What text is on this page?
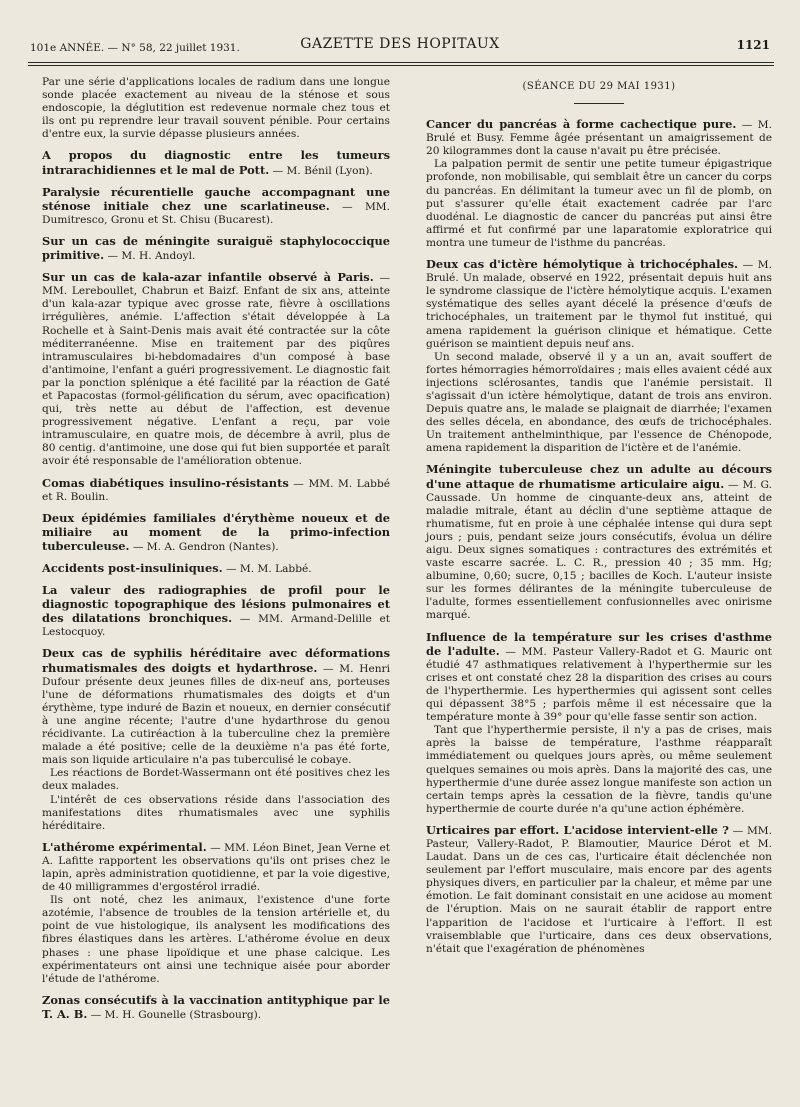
101e ANNÉE. — N° 58, 22 juillet 1931.	GAZETTE DES HOPITAUX	1121

Par une série d'applications locales de radium dans une longue sonde placée exactement au niveau de la sténose et sous endoscopie, la déglutition est redevenue normale chez tous et ils ont pu reprendre leur travail souvent pénible. Pour certains d'entre eux, la survie dépasse plusieurs années.

A propos du diagnostic entre les tumeurs intrarachidiennes et le mal de Pott. — M. Bénil (Lyon).

Paralysie récurentielle gauche accompagnant une sténose initiale chez une scarlatineuse. — MM. Dumitresco, Gronu et St. Chisu (Bucarest).

Sur un cas de méningite suraiguë staphylococcique primitive. — M. H. Andoyl.

Sur un cas de kala-azar infantile observé à Paris. — MM. Lereboullet, Chabrun et Baizf. Enfant de six ans, atteinte d'un kala-azar typique avec grosse rate, fièvre à oscillations irrégulières, anémie. L'affection s'était développée à La Rochelle et à Saint-Denis mais avait été contractée sur la côte méditerranéenne. Mise en traitement par des piqûres intramusculaires bi-hebdomadaires d'un composé à base d'antimoine, l'enfant a guéri progressivement. Le diagnostic fait par la ponction splénique a été facilité par la réaction de Gaté et Papacostas (formol-gélification du sérum, avec opacification) qui, très nette au début de l'affection, est devenue progressivement négative. L'enfant a reçu, par voie intramusculaire, en quatre mois, de décembre à avril, plus de 80 centig. d'antimoine, une dose qui fut bien supportée et paraît avoir été responsable de l'amélioration obtenue.

Comas diabétiques insulino-résistants — MM. M. Labbé et R. Boulin.

Deux épidémies familiales d'érythème noueux et de miliaire au moment de la primo-infection tuberculeuse. — M. A. Gendron (Nantes).

Accidents post-insuliniques. — M. M. Labbé.

La valeur des radiographies de profil pour le diagnostic topographique des lésions pulmonaires et des dilatations bronchiques. — MM. Armand-Delille et Lestocquoy.

Deux cas de syphilis héréditaire avec déformations rhumatismales des doigts et hydarthrose. — M. Henri Dufour présente deux jeunes filles de dix-neuf ans, porteuses l'une de déformations rhumatismales des doigts et d'un érythème, type induré de Bazin et noueux, en dernier consécutif à une angine récente; l'autre d'une hydarthrose du genou récidivante. La cutiréaction à la tuberculine chez la première malade a été positive; celle de la deuxième n'a pas été forte, mais son liquide articulaire n'a pas tuberculisé le cobaye.

Les réactions de Bordet-Wassermann ont été positives chez les deux malades.

L'intérêt de ces observations réside dans l'association des manifestations dites rhumatismales avec une syphilis héréditaire.

L'athérome expérimental. — MM. Léon Binet, Jean Verne et A. Lafitte rapportent les observations qu'ils ont prises chez le lapin, après administration quotidienne, et par la voie digestive, de 40 milligrammes d'ergostérol irradié.

Ils ont noté, chez les animaux, l'existence d'une forte azotémie, l'absence de troubles de la tension artérielle et, du point de vue histologique, ils analysent les modifications des fibres élastiques dans les artères. L'athérome évolue en deux phases : une phase lipoïdique et une phase calcique. Les expérimentateurs ont ainsi une technique aisée pour aborder l'étude de l'athérome.

Zonas consécutifs à la vaccination antityphique par le T. A. B. — M. H. Gounelle (Strasbourg).

(SÉANCE DU 29 MAI 1931)

Cancer du pancréas à forme cachectique pure. — M. Brulé et Busy. Femme âgée présentant un amaigrissement de 20 kilogrammes dont la cause n'avait pu être précisée.

La palpation permit de sentir une petite tumeur épigastrique profonde, non mobilisable, qui semblait être un cancer du corps du pancréas. En délimitant la tumeur avec un fil de plomb, on put s'assurer qu'elle était exactement cadrée par l'arc duodénal. Le diagnostic de cancer du pancréas put ainsi être affirmé et fut confirmé par une laparatomie exploratrice qui montra une tumeur de l'isthme du pancréas.

Deux cas d'ictère hémolytique à trichocéphales. — M. Brulé. Un malade, observé en 1922, présentait depuis huit ans le syndrome classique de l'ictère hémolytique acquis. L'examen systématique des selles ayant décelé la présence d'œufs de trichocéphales, un traitement par le thymol fut institué, qui amena rapidement la guérison clinique et hématique. Cette guérison se maintient depuis neuf ans.

Un second malade, observé il y a un an, avait souffert de fortes hémorragies hémorroïdaires ; mais elles avaient cédé aux injections sclérosantes, tandis que l'anémie persistait. Il s'agissait d'un ictère hémolytique, datant de trois ans environ. Depuis quatre ans, le malade se plaignait de diarrhée; l'examen des selles décela, en abondance, des œufs de trichocéphales. Un traitement anthelminthique, par l'essence de Chénopode, amena rapidement la disparition de l'ictère et de l'anémie.

Méningite tuberculeuse chez un adulte au décours d'une attaque de rhumatisme articulaire aigu. — M. G. Caussade. Un homme de cinquante-deux ans, atteint de maladie mitrale, étant au déclin d'une septième attaque de rhumatisme, fut en proie à une céphalée intense qui dura sept jours ; puis, pendant seize jours consécutifs, évolua un délire aigu. Deux signes somatiques : contractures des extrémités et vaste escarre sacrée. L. C. R., pression 40 ; 35 mm. Hg; albumine, 0,60; sucre, 0,15 ; bacilles de Koch. L'auteur insiste sur les formes délirantes de la méningite tuberculeuse de l'adulte, formes essentiellement confusionnelles avec onirisme marqué.

Influence de la température sur les crises d'asthme de l'adulte. — MM. Pasteur Vallery-Radot et G. Mauric ont étudié 47 asthmatiques relativement à l'hyperthermie sur les crises et ont constaté chez 28 la disparition des crises au cours de l'hyperthermie. Les hyperthermies qui agissent sont celles qui dépassent 38°5 ; parfois même il est nécessaire que la température monte à 39° pour qu'elle fasse sentir son action.

Tant que l'hyperthermie persiste, il n'y a pas de crises, mais après la baisse de température, l'asthme réapparaît immédiatement ou quelques jours après, ou même seulement quelques semaines ou mois après. Dans la majorité des cas, une hyperthermie d'une durée assez longue manifeste son action un certain temps après la cessation de la fièvre, tandis qu'une hyperthermie de courte durée n'a qu'une action éphémère.

Urticaires par effort. L'acidose intervient-elle ? — MM. Pasteur, Vallery-Radot, P. Blamoutier, Maurice Dérot et M. Laudat. Dans un de ces cas, l'urticaire était déclenchée non seulement par l'effort musculaire, mais encore par des agents physiques divers, en particulier par la chaleur, et même par une émotion. Le fait dominant consistait en une acidose au moment de l'éruption. Mais on ne saurait établir de rapport entre l'apparition de l'acidose et l'urticaire à l'effort. Il est vraisemblable que l'urticaire, dans ces deux observations, n'était que l'exagération de phénomènes
